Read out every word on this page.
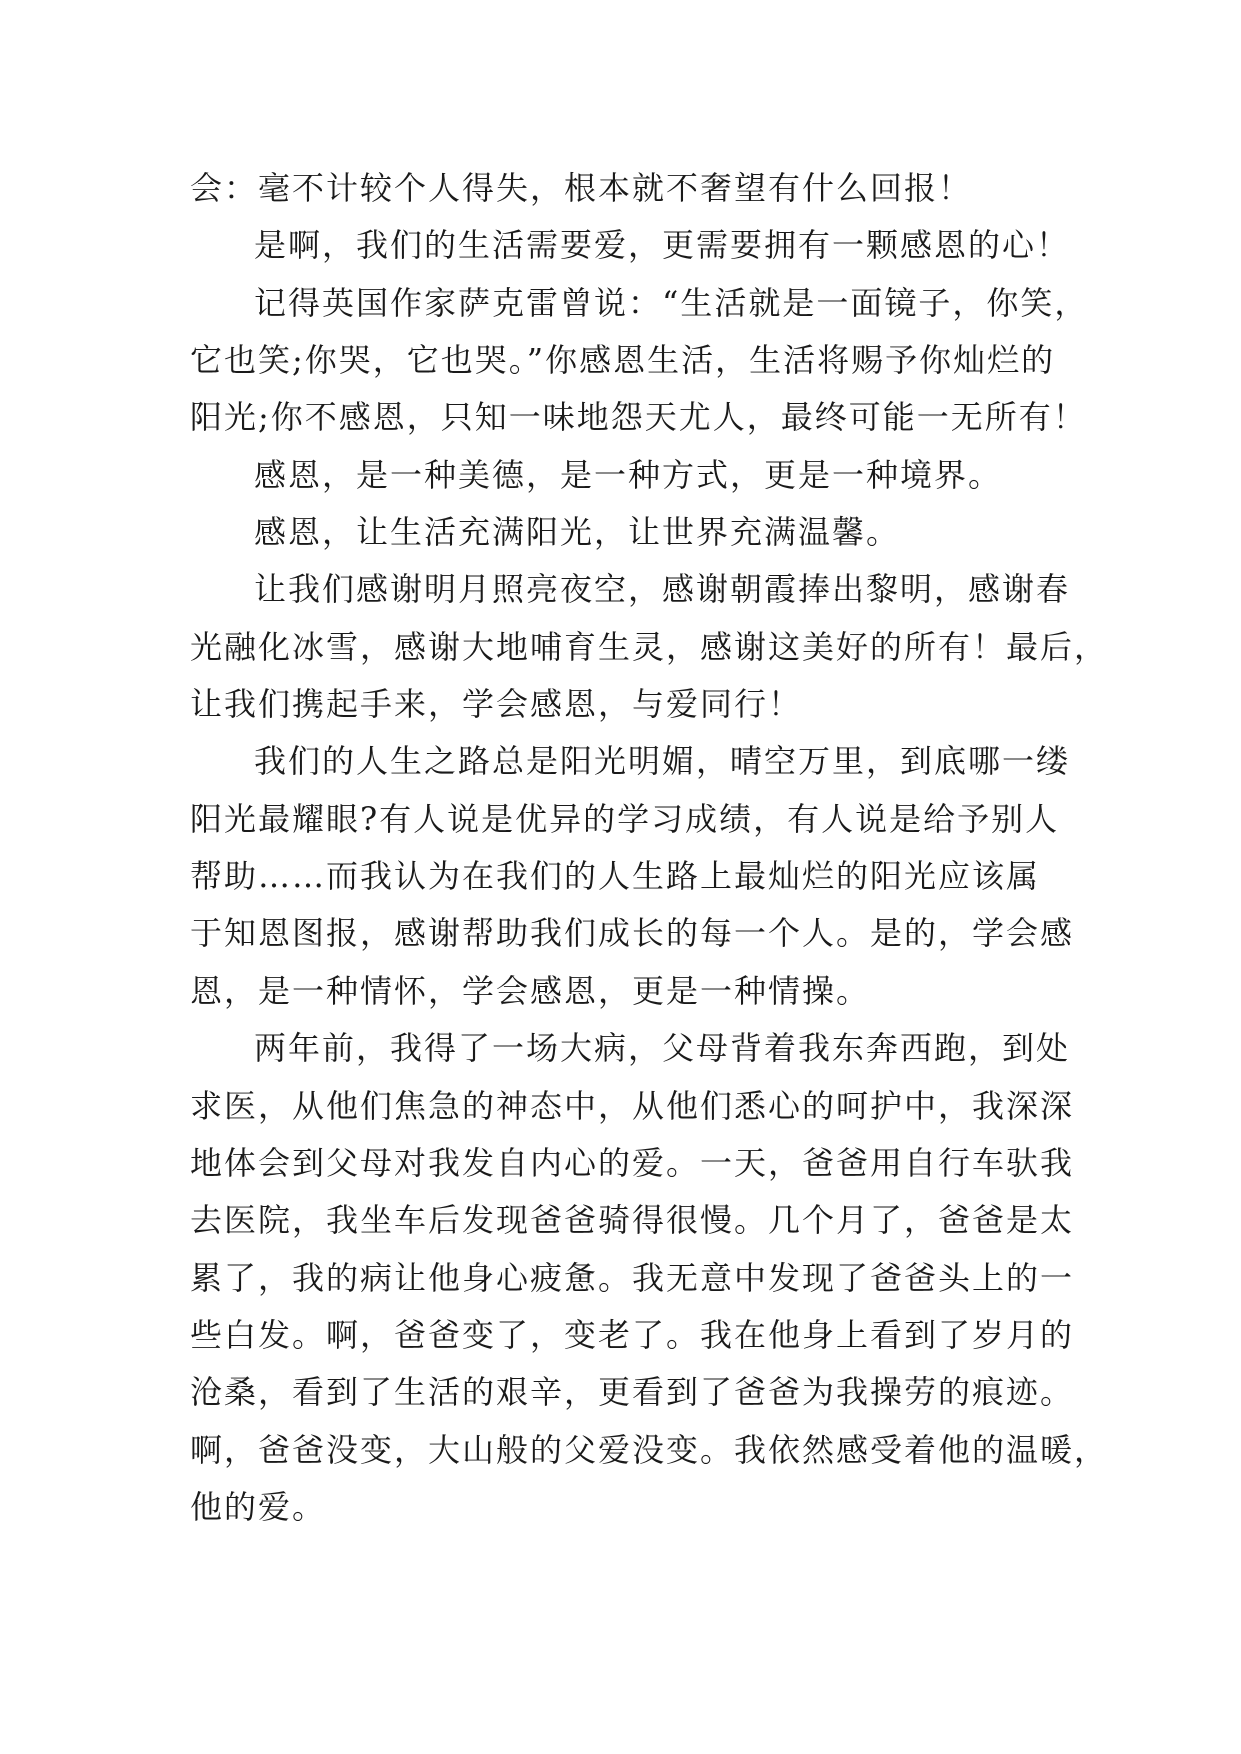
会：毫不计较个人得失，根本就不奢望有什么回报！
是啊，我们的生活需要爱，更需要拥有一颗感恩的心！
记得英国作家萨克雷曾说：“生活就是一面镜子，你笑，
它也笑;你哭，它也哭。”你感恩生活，生活将赐予你灿烂的
阳光;你不感恩，只知一味地怨天尤人，最终可能一无所有！
感恩，是一种美德，是一种方式，更是一种境界。
感恩，让生活充满阳光，让世界充满温馨。
让我们感谢明月照亮夜空，感谢朝霞捧出黎明，感谢春
光融化冰雪，感谢大地哺育生灵，感谢这美好的所有！最后，
让我们携起手来，学会感恩，与爱同行！
我们的人生之路总是阳光明媚，晴空万里，到底哪一缕
阳光最耀眼?有人说是优异的学习成绩，有人说是给予别人
帮助……而我认为在我们的人生路上最灿烂的阳光应该属
于知恩图报，感谢帮助我们成长的每一个人。是的，学会感
恩，是一种情怀，学会感恩，更是一种情操。
两年前，我得了一场大病，父母背着我东奔西跑，到处
求医，从他们焦急的神态中，从他们悉心的呵护中，我深深
地体会到父母对我发自内心的爱。一天，爸爸用自行车驮我
去医院，我坐车后发现爸爸骑得很慢。几个月了，爸爸是太
累了，我的病让他身心疲惫。我无意中发现了爸爸头上的一
些白发。啊，爸爸变了，变老了。我在他身上看到了岁月的
沧桑，看到了生活的艰辛，更看到了爸爸为我操劳的痕迹。
啊，爸爸没变，大山般的父爱没变。我依然感受着他的温暖，
他的爱。
